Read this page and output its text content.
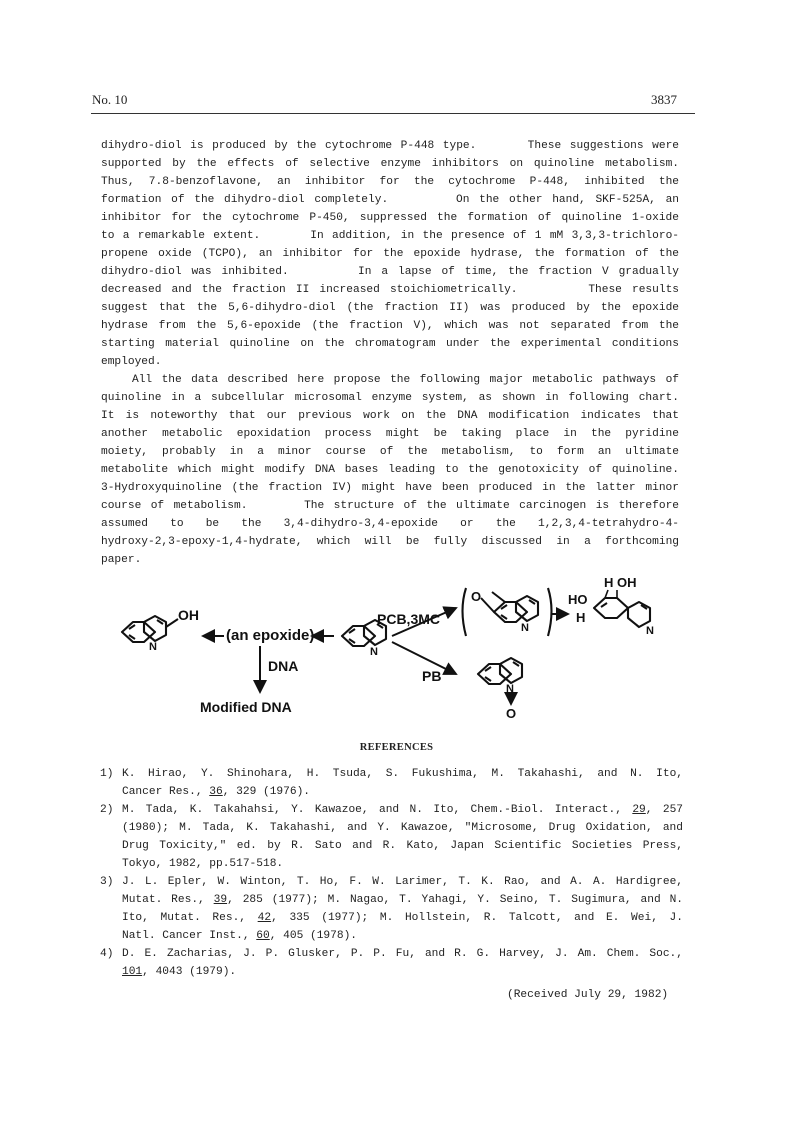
No. 10	3837
dihydro-diol is produced by the cytochrome P-448 type.      These suggestions were
supported by the effects of selective enzyme inhibitors on quinoline metabolism.
Thus, 7.8-benzoflavone, an inhibitor for the cytochrome P-448, inhibited the
formation of the dihydro-diol completely.       On the other hand, SKF-525A, an
inhibitor for the cytochrome P-450, suppressed the formation of quinoline 1-oxide
to a remarkable extent.      In addition, in the presence of 1 mM 3,3,3-trichloro-
propene oxide (TCPO), an inhibitor for the epoxide hydrase, the formation of the
dihydro-diol was inhibited.       In a lapse of time, the fraction V gradually
decreased and the fraction II increased stoichiometrically.       These results
suggest that the 5,6-dihydro-diol (the fraction II) was produced by the epoxide
hydrase from the 5,6-epoxide (the fraction V), which was not separated from the
starting material quinoline on the chromatogram under the experimental conditions
employed.
All the data described here propose the following major metabolic pathways of
quinoline in a subcellular microsomal enzyme system, as shown in following chart.
It is noteworthy that our previous work on the DNA modification indicates that
another metabolic epoxidation process might be taking place in the pyridine
moiety, probably in a minor course of the metabolism, to form an ultimate
metabolite which might modify DNA bases leading to the genotoxicity of quinoline.
3-Hydroxyquinoline (the fraction IV) might have been produced in the latter minor
course of metabolism.      The structure of the ultimate carcinogen is therefore
assumed to be the 3,4-dihydro-3,4-epoxide or the 1,2,3,4-tetrahydro-4-
hydroxy-2,3-epoxy-1,4-hydrate, which will be fully discussed in a forthcoming
paper.
OH
N
(an epoxide)
DNA
Modified DNA
N
PCB,3MC
O
N
H OH
HO
H
N
PB
N
O
REFERENCES
1) K. Hirao, Y. Shinohara, H. Tsuda, S. Fukushima, M. Takahashi, and N. Ito,
Cancer Res., 36, 329 (1976).
2) M. Tada, K. Takahahsi, Y. Kawazoe, and N. Ito, Chem.-Biol. Interact., 29, 257
(1980); M. Tada, K. Takahashi, and Y. Kawazoe, "Microsome, Drug Oxidation, and
Drug Toxicity," ed. by R. Sato and R. Kato, Japan Scientific Societies Press,
Tokyo, 1982, pp.517-518.
3) J. L. Epler, W. Winton, T. Ho, F. W. Larimer, T. K. Rao, and A. A. Hardigree,
Mutat. Res., 39, 285 (1977); M. Nagao, T. Yahagi, Y. Seino, T. Sugimura, and N.
Ito, Mutat. Res., 42, 335 (1977); M. Hollstein, R. Talcott, and E. Wei, J.
Natl. Cancer Inst., 60, 405 (1978).
4) D. E. Zacharias, J. P. Glusker, P. P. Fu, and R. G. Harvey, J. Am. Chem. Soc.,
101, 4043 (1979).
(Received July 29, 1982)
